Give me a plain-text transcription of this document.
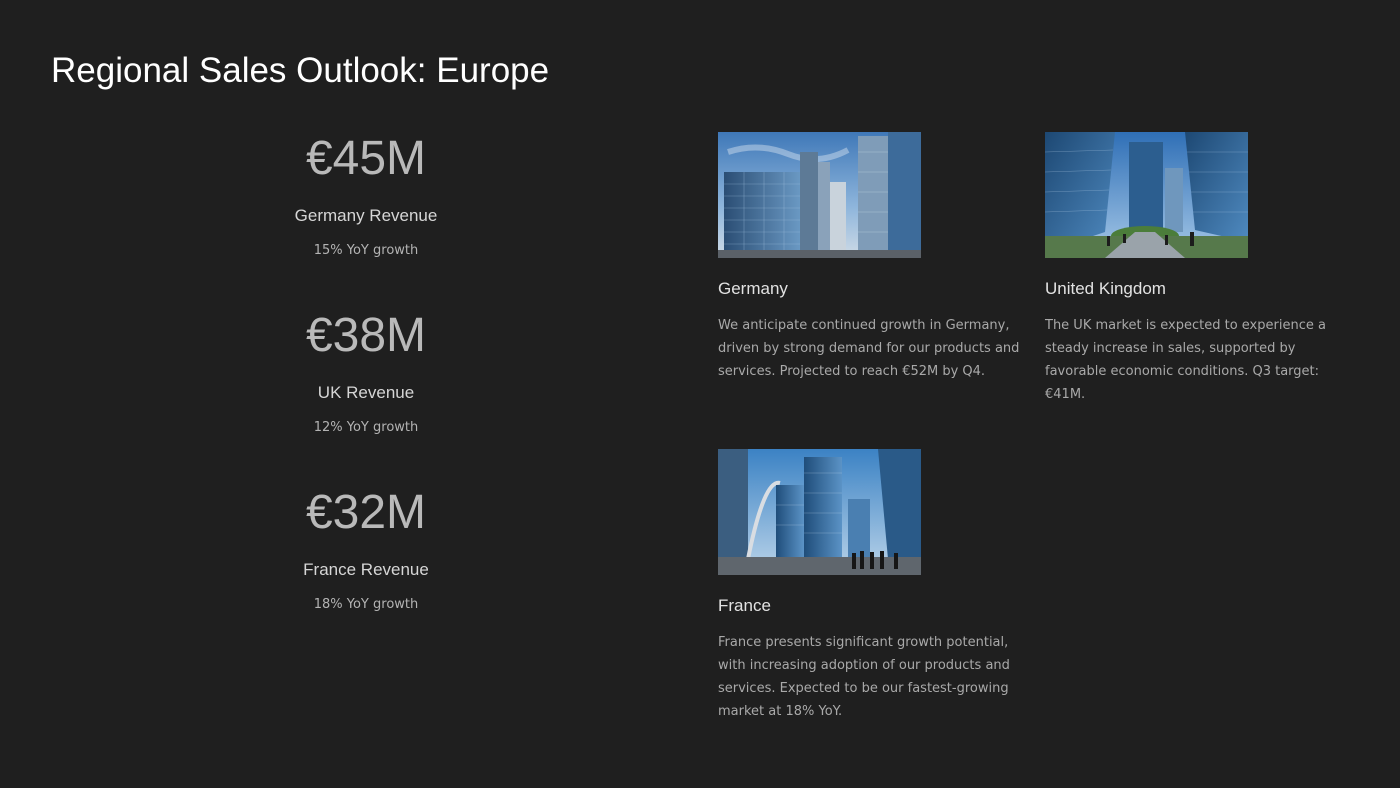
Regional Sales Outlook: Europe
€45M
Germany Revenue
15% YoY growth
€38M
UK Revenue
12% YoY growth
€32M
France Revenue
18% YoY growth
Germany
We anticipate continued growth in Germany, driven by strong demand for our products and services. Projected to reach €52M by Q4.
United Kingdom
The UK market is expected to experience a steady increase in sales, supported by favorable economic conditions. Q3 target: €41M.
France
France presents significant growth potential, with increasing adoption of our products and services. Expected to be our fastest-growing market at 18% YoY.
